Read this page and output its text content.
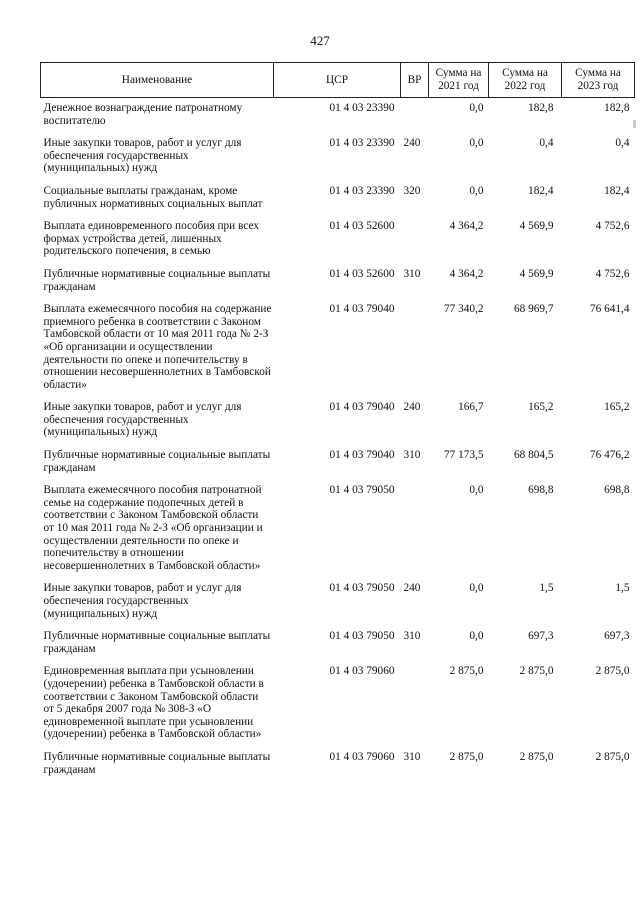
427
Наименование	ЦСР	ВР	Сумма на 2021 год	Сумма на 2022 год	Сумма на 2023 год
Денежное вознаграждение патронатному воспитателю	01 4 03 23390		0,0	182,8	182,8
Иные закупки товаров, работ и услуг для обеспечения государственных (муниципальных) нужд	01 4 03 23390	240	0,0	0,4	0,4
Социальные выплаты гражданам, кроме публичных нормативных социальных выплат	01 4 03 23390	320	0,0	182,4	182,4
Выплата единовременного пособия при всех формах устройства детей, лишенных родительского попечения, в семью	01 4 03 52600		4 364,2	4 569,9	4 752,6
Публичные нормативные социальные выплаты гражданам	01 4 03 52600	310	4 364,2	4 569,9	4 752,6
Выплата ежемесячного пособия на содержание приемного ребенка в соответствии с Законом Тамбовской области от 10 мая 2011 года № 2-З «Об организации и осуществлении деятельности по опеке и попечительству в отношении несовершеннолетних в Тамбовской области»	01 4 03 79040		77 340,2	68 969,7	76 641,4
Иные закупки товаров, работ и услуг для обеспечения государственных (муниципальных) нужд	01 4 03 79040	240	166,7	165,2	165,2
Публичные нормативные социальные выплаты гражданам	01 4 03 79040	310	77 173,5	68 804,5	76 476,2
Выплата ежемесячного пособия патронатной семье на содержание подопечных детей в соответствии с Законом Тамбовской области от 10 мая 2011 года № 2-З «Об организации и осуществлении деятельности по опеке и попечительству в отношении несовершеннолетних в Тамбовской области»	01 4 03 79050		0,0	698,8	698,8
Иные закупки товаров, работ и услуг для обеспечения государственных (муниципальных) нужд	01 4 03 79050	240	0,0	1,5	1,5
Публичные нормативные социальные выплаты гражданам	01 4 03 79050	310	0,0	697,3	697,3
Единовременная выплата при усыновлении (удочерении) ребенка в Тамбовской области в соответствии с Законом Тамбовской области от 5 декабря 2007 года № 308-З «О единовременной выплате при усыновлении (удочерении) ребенка в Тамбовской области»	01 4 03 79060		2 875,0	2 875,0	2 875,0
Публичные нормативные социальные выплаты гражданам	01 4 03 79060	310	2 875,0	2 875,0	2 875,0
